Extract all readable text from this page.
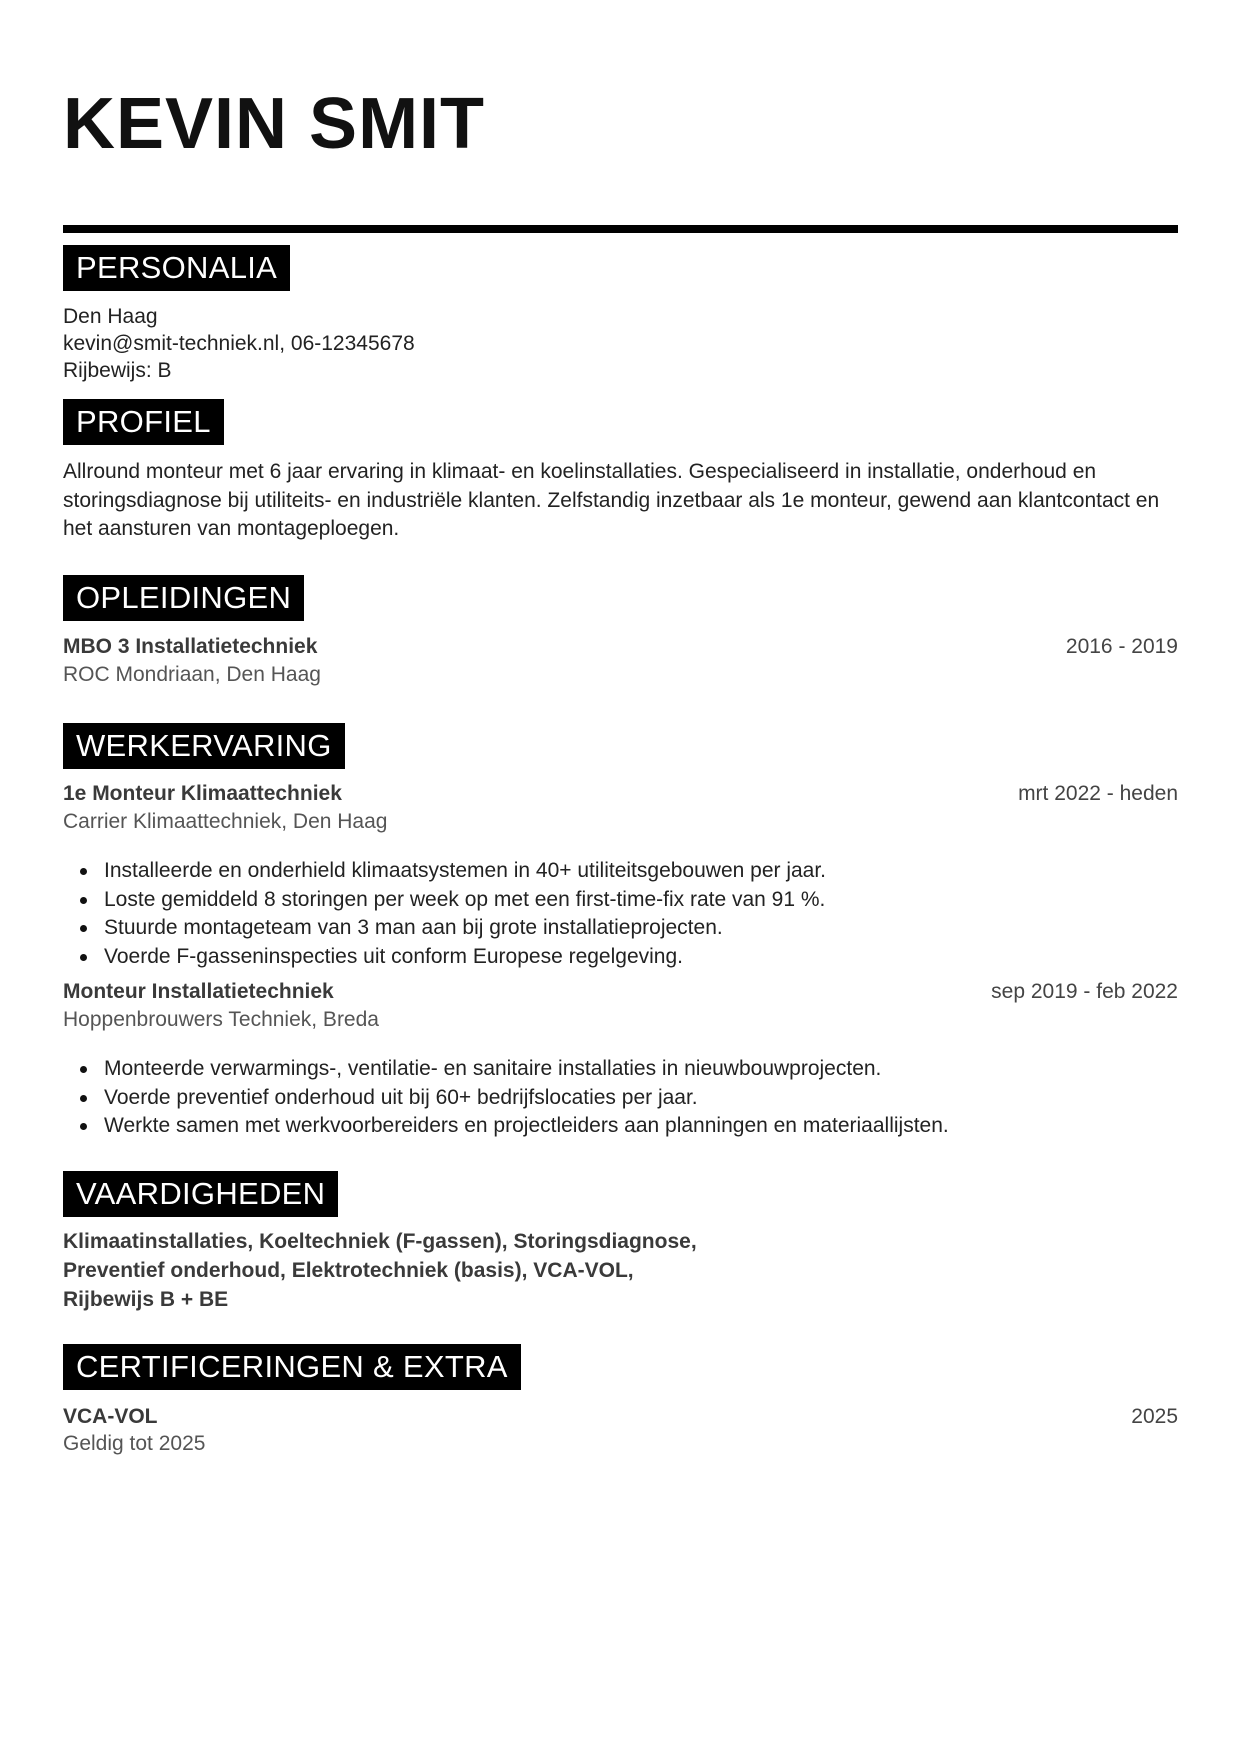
KEVIN SMIT
PERSONALIA
Den Haag
kevin@smit-techniek.nl, 06-12345678
Rijbewijs: B
PROFIEL
Allround monteur met 6 jaar ervaring in klimaat- en koelinstallaties. Gespecialiseerd in installatie, onderhoud en storingsdiagnose bij utiliteits- en industriële klanten. Zelfstandig inzetbaar als 1e monteur, gewend aan klantcontact en het aansturen van montageploegen.
OPLEIDINGEN
MBO 3 Installatietechniek	2016 - 2019
ROC Mondriaan, Den Haag
WERKERVARING
1e Monteur Klimaattechniek	mrt 2022 - heden
Carrier Klimaattechniek, Den Haag
Installeerde en onderhield klimaatsystemen in 40+ utiliteitsgebouwen per jaar.
Loste gemiddeld 8 storingen per week op met een first-time-fix rate van 91 %.
Stuurde montageteam van 3 man aan bij grote installatieprojecten.
Voerde F-gasseninspecties uit conform Europese regelgeving.
Monteur Installatietechniek	sep 2019 - feb 2022
Hoppenbrouwers Techniek, Breda
Monteerde verwarmings-, ventilatie- en sanitaire installaties in nieuwbouwprojecten.
Voerde preventief onderhoud uit bij 60+ bedrijfslocaties per jaar.
Werkte samen met werkvoorbereiders en projectleiders aan planningen en materiaallijsten.
VAARDIGHEDEN
Klimaatinstallaties, Koeltechniek (F-gassen), Storingsdiagnose,
Preventief onderhoud, Elektrotechniek (basis), VCA-VOL,
Rijbewijs B + BE
CERTIFICERINGEN & EXTRA
VCA-VOL	2025
Geldig tot 2025
